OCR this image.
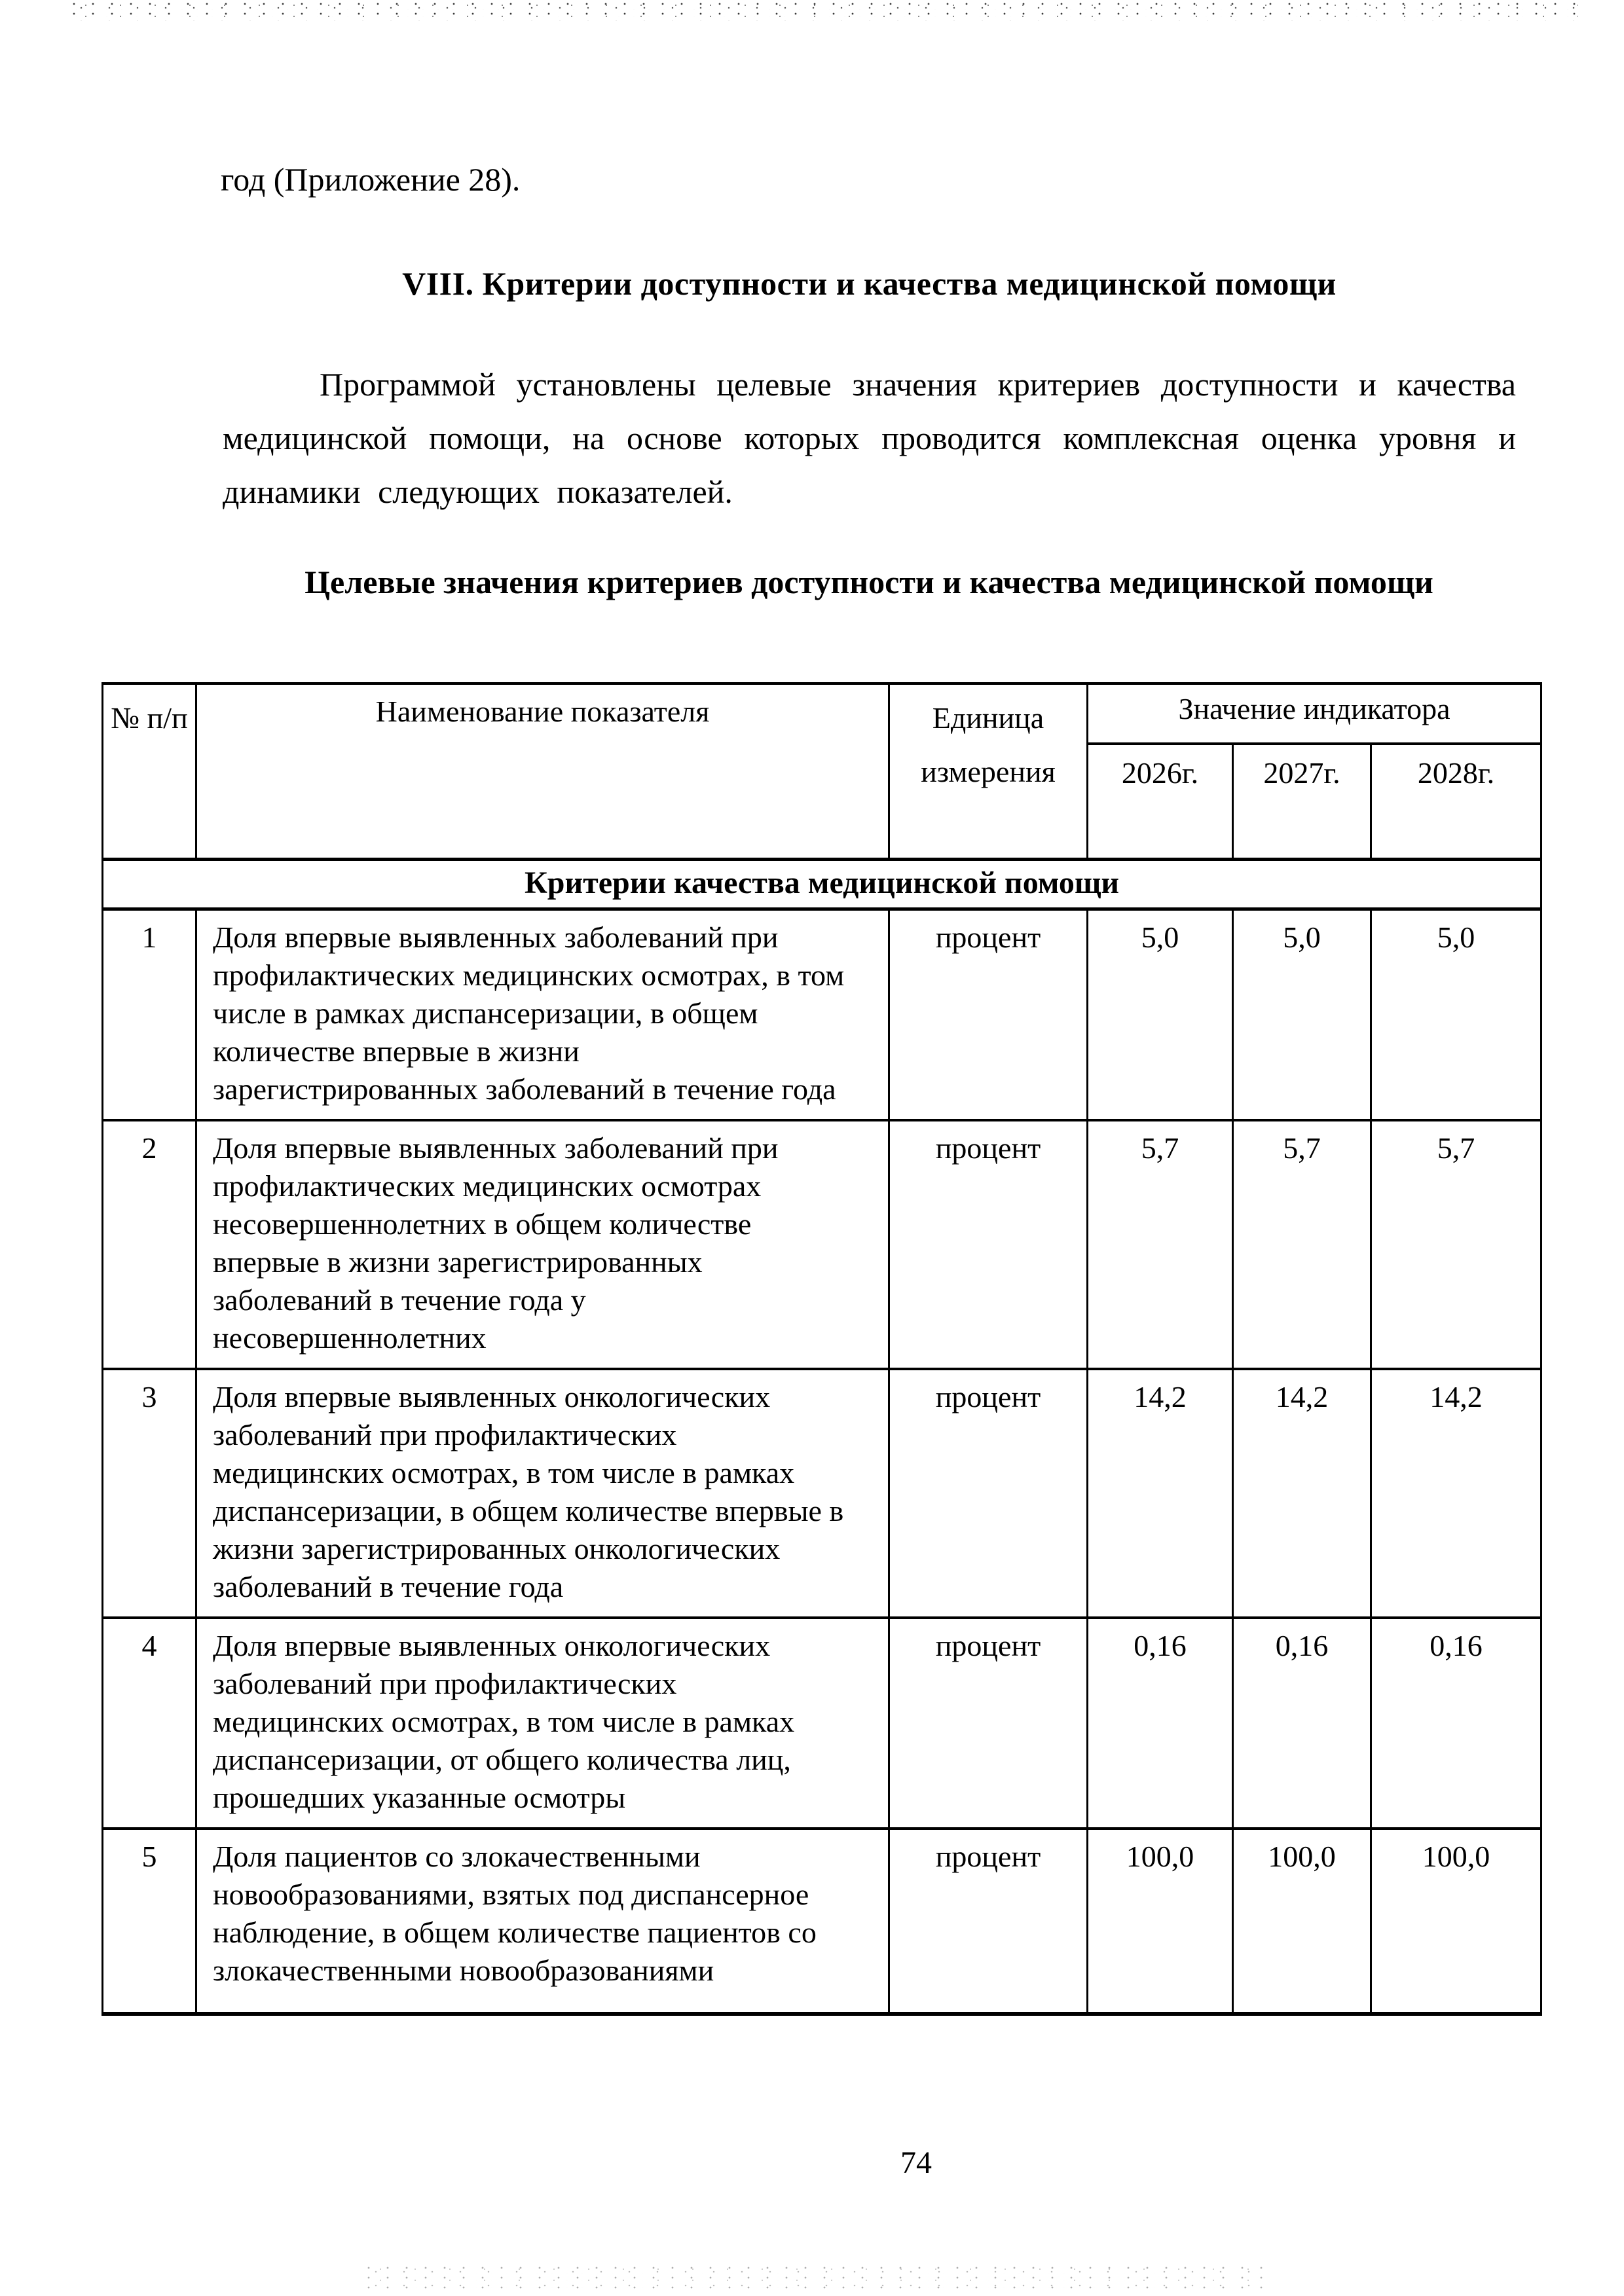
год (Приложение 28).
VIII. Критерии доступности и качества медицинской помощи

Программой установлены целевые значения критериев доступности и качества медицинской помощи, на основе которых проводится комплексная оценка уровня и динамики следующих показателей.

Целевые значения критериев доступности и качества медицинской помощи
№ п/п	Наименование показателя	Единица измерения	Значение индикатора		
			2026г.	2027г.	2028г.
Критерии качества медицинской помощи					
1	Доля впервые выявленных заболеваний при профилактических медицинских осмотрах, в том числе в рамках диспансеризации, в общем количестве впервые в жизни зарегистрированных заболеваний в течение года	процент	5,0	5,0	5,0
2	Доля впервые выявленных заболеваний при профилактических медицинских осмотрах несовершеннолетних в общем количестве впервые в жизни зарегистрированных заболеваний в течение года у несовершеннолетних	процент	5,7	5,7	5,7
3	Доля впервые выявленных онкологических заболеваний при профилактических медицинских осмотрах, в том числе в рамках диспансеризации, в общем количестве впервые в жизни зарегистрированных онкологических заболеваний в течение года	процент	14,2	14,2	14,2
4	Доля впервые выявленных онкологических заболеваний при профилактических медицинских осмотрах, в том числе в рамках диспансеризации, от общего количества лиц, прошедших указанные осмотры	процент	0,16	0,16	0,16
5	Доля пациентов со злокачественными новообразованиями, взятых под диспансерное наблюдение, в общем количестве пациентов со злокачественными новообразованиями	процент	100,0	100,0	100,0
74
